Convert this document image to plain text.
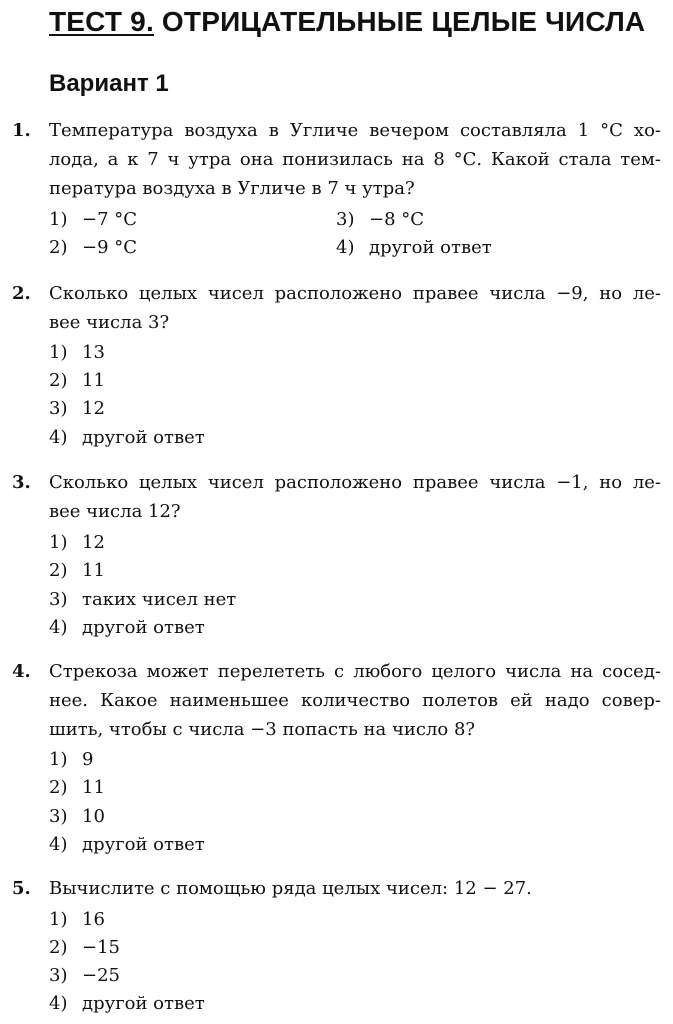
ТЕСТ 9. ОТРИЦАТЕЛЬНЫЕ ЦЕЛЫЕ ЧИСЛА
Вариант 1
1. Температура воздуха в Угличе вечером составляла 1 °С хо-
лода, а к 7 ч утра она понизилась на 8 °С. Какой стала тем-
пература воздуха в Угличе в 7 ч утра?
1) −7 °С	3) −8 °С
2) −9 °С	4) другой ответ
2. Сколько целых чисел расположено правее числа −9, но ле-
вее числа 3?
1) 13
2) 11
3) 12
4) другой ответ
3. Сколько целых чисел расположено правее числа −1, но ле-
вее числа 12?
1) 12
2) 11
3) таких чисел нет
4) другой ответ
4. Стрекоза может перелететь с любого целого числа на сосед-
нее. Какое наименьшее количество полетов ей надо совер-
шить, чтобы с числа −3 попасть на число 8?
1) 9
2) 11
3) 10
4) другой ответ
5. Вычислите с помощью ряда целых чисел: 12 − 27.
1) 16
2) −15
3) −25
4) другой ответ
